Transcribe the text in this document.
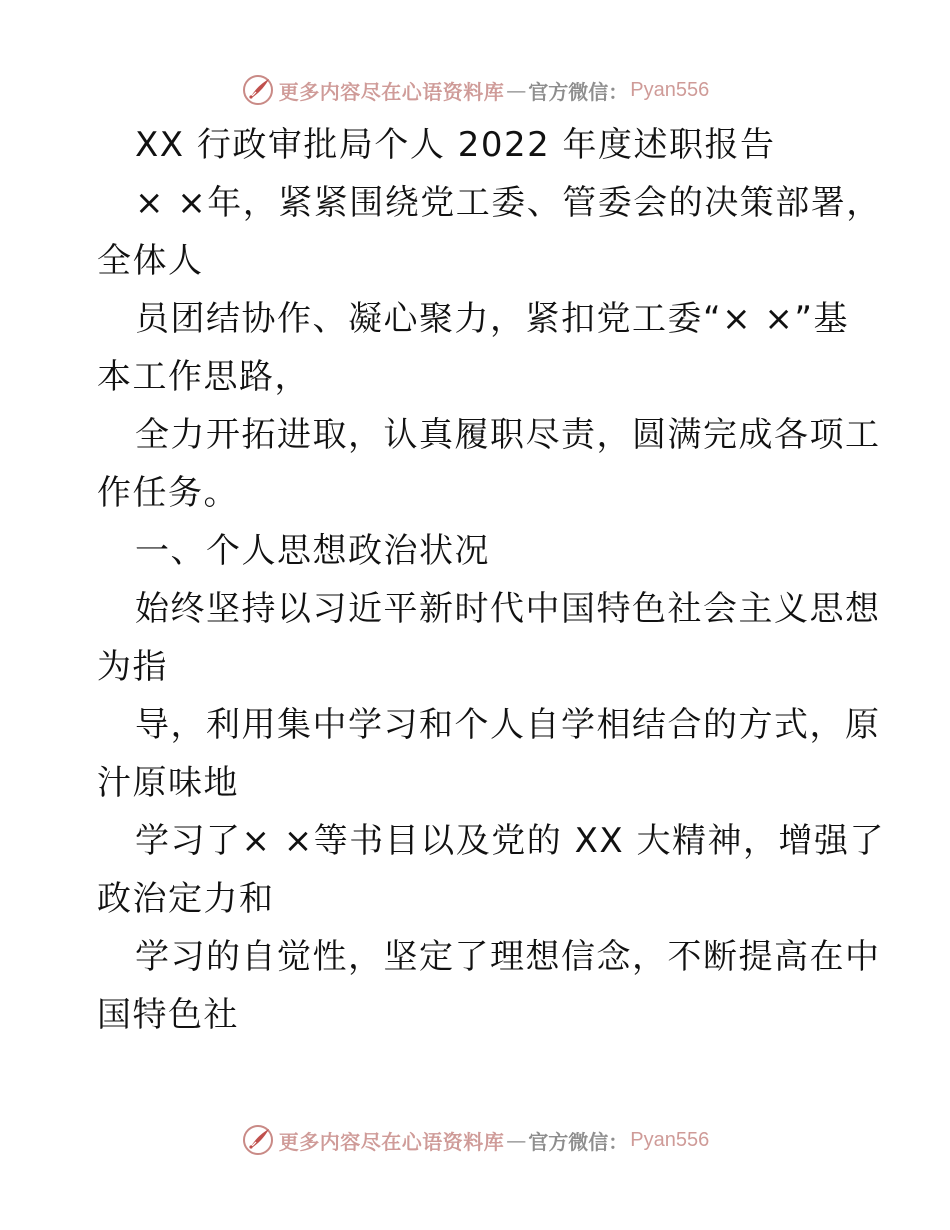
更多内容尽在心语资料库 — 官方微信： Pyan556
XX 行政审批局个人 2022 年度述职报告
× ×年，紧紧围绕党工委、管委会的决策部署，
全体人
员团结协作、凝心聚力，紧扣党工委“× ×”基
本工作思路，
全力开拓进取，认真履职尽责，圆满完成各项工
作任务。
一、个人思想政治状况
始终坚持以习近平新时代中国特色社会主义思想
为指
导，利用集中学习和个人自学相结合的方式，原
汁原味地
学习了× ×等书目以及党的 XX 大精神，增强了
政治定力和
学习的自觉性，坚定了理想信念，不断提高在中
国特色社
更多内容尽在心语资料库 — 官方微信： Pyan556
